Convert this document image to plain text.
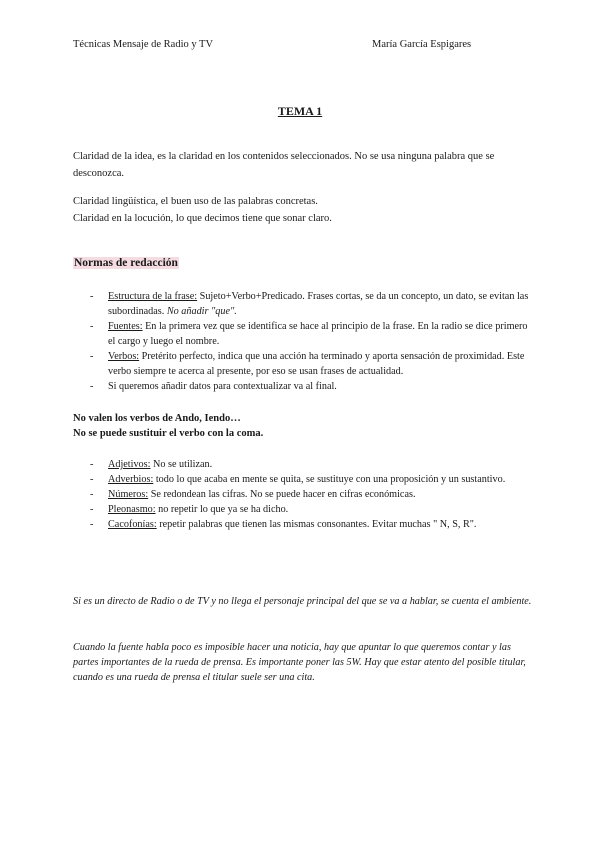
Técnicas Mensaje de Radio y TV	María García Espigares
TEMA 1
Claridad de la idea, es la claridad en los contenidos seleccionados. No se usa ninguna palabra que se desconozca.
Claridad lingüística, el buen uso de las palabras concretas.
Claridad en la locución, lo que decimos tiene que sonar claro.
Normas de redacción
- Estructura de la frase: Sujeto+Verbo+Predicado. Frases cortas, se da un concepto, un dato, se evitan las subordinadas. No añadir "que".
- Fuentes: En la primera vez que se identifica se hace al principio de la frase. En la radio se dice primero el cargo y luego el nombre.
- Verbos: Pretérito perfecto, indica que una acción ha terminado y aporta sensación de proximidad. Este verbo siempre te acerca al presente, por eso se usan frases de actualidad.
- Si queremos añadir datos para contextualizar va al final.
No valen los verbos de Ando, Iendo…
No se puede sustituir el verbo con la coma.
- Adjetivos: No se utilizan.
- Adverbios: todo lo que acaba en mente se quita, se sustituye con una proposición y un sustantivo.
- Números: Se redondean las cifras. No se puede hacer en cifras económicas.
- Pleonasmo: no repetir lo que ya se ha dicho.
- Cacofonías: repetir palabras que tienen las mismas consonantes. Evitar muchas " N, S, R".
Si es un directo de Radio o de TV y no llega el personaje principal del que se va a hablar, se cuenta el ambiente.
Cuando la fuente habla poco es imposible hacer una noticia, hay que apuntar lo que queremos contar y las partes importantes de la rueda de prensa. Es importante poner las 5W. Hay que estar atento del posible titular, cuando es una rueda de prensa el titular suele ser una cita.
